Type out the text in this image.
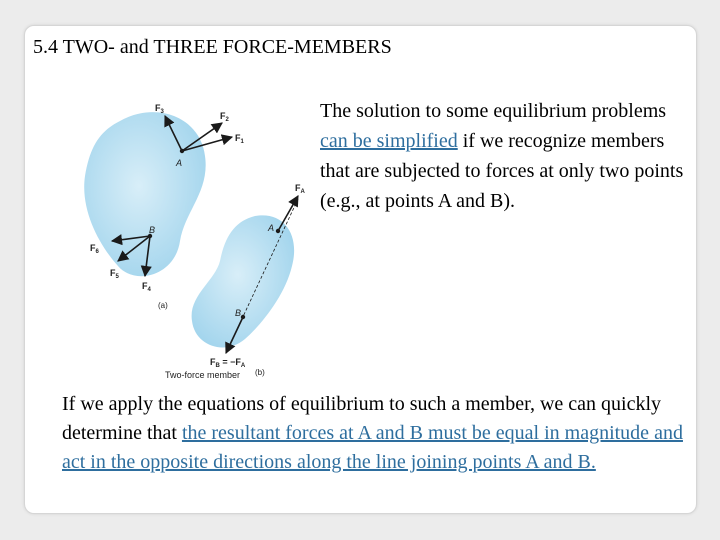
5.4 TWO- and THREE FORCE-MEMBERS
$F_3$	$F_2$
$F_1$
A
$F_A$
A
$F_6$
B
$F_5$
$F_4$
(a)
B
$F_B = -F_A$
(b)
Two-force member

The solution to some equilibrium problems can be simplified if we recognize members that are subjected to forces at only two points (e.g., at points A and B).

If we apply the equations of equilibrium to such a member, we can quickly determine that the resultant forces at A and B must be equal in magnitude and act in the opposite directions along the line joining points A and B.
